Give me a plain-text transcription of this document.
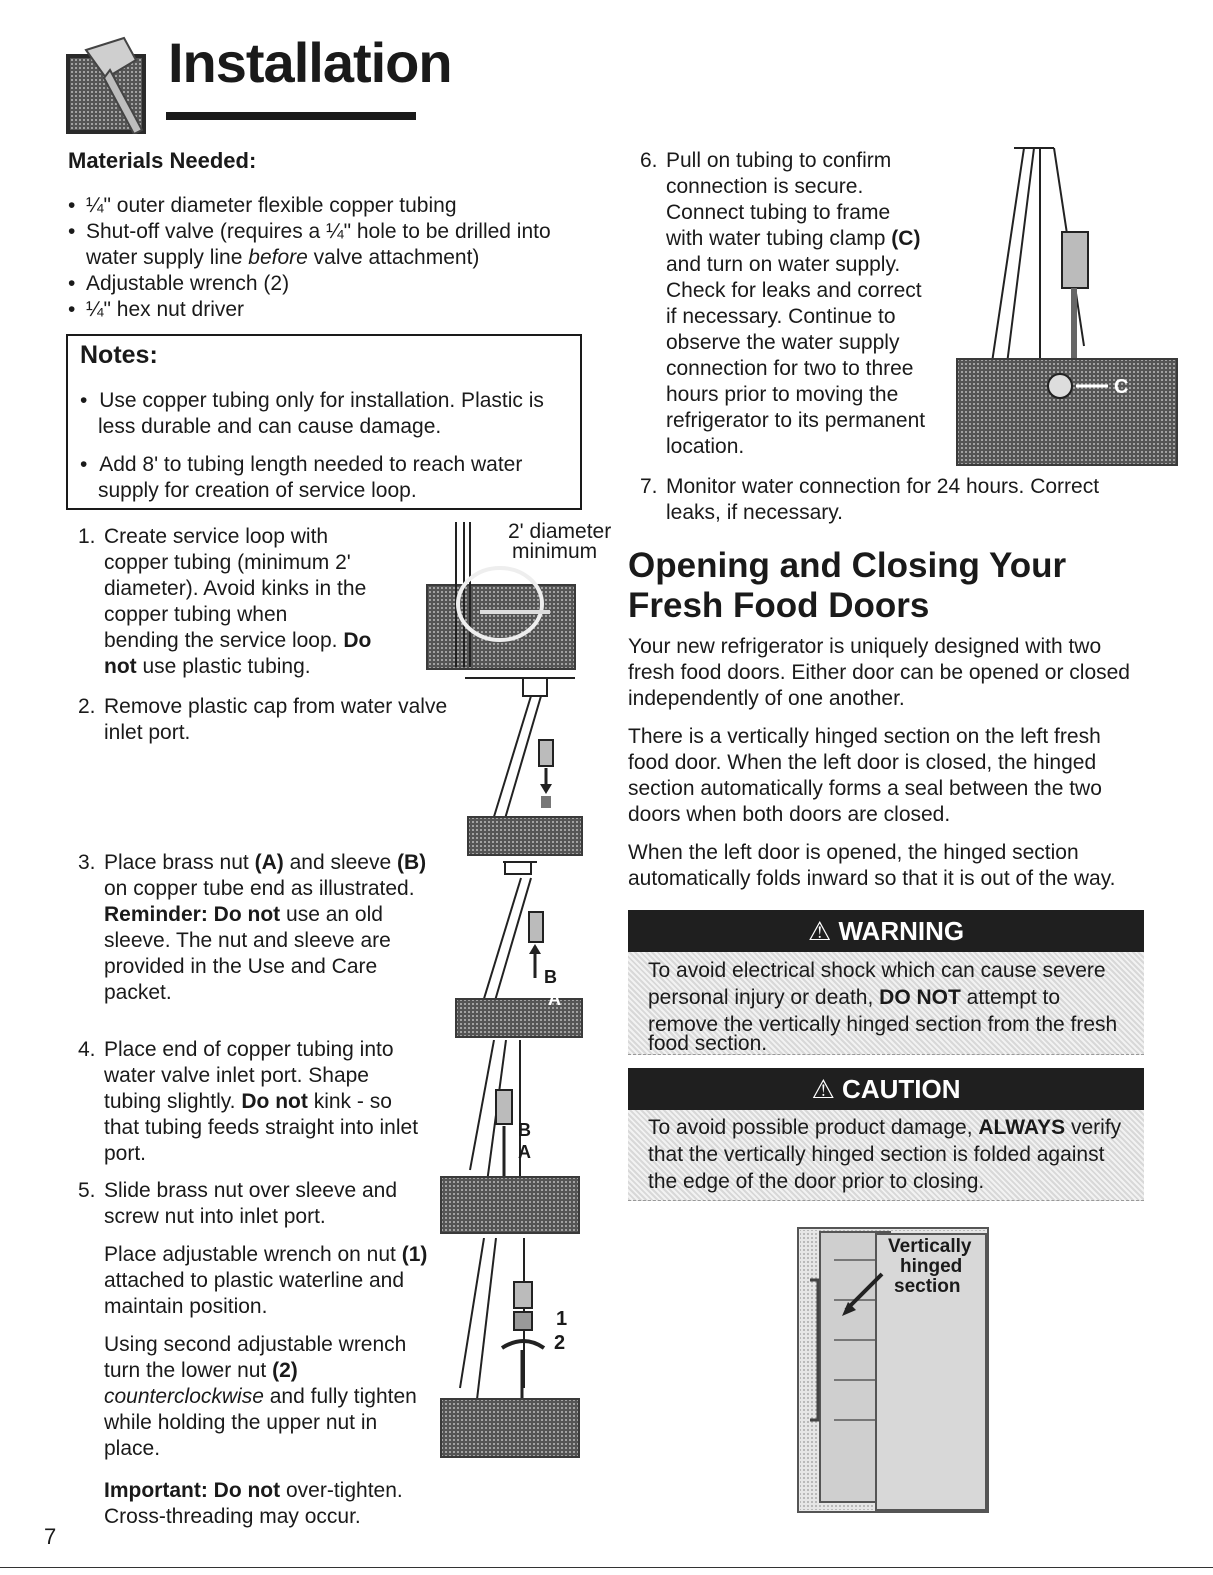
Installation
Materials Needed:
• ¼" outer diameter flexible copper tubing
• Shut-off valve (requires a ¼" hole to be drilled into
water supply line before valve attachment)
• Adjustable wrench (2)
• ¼" hex nut driver
Notes:
• Use copper tubing only for installation. Plastic is
less durable and can cause damage.
• Add 8' to tubing length needed to reach water
supply for creation of service loop.
1. Create service loop with
copper tubing (minimum 2'
diameter). Avoid kinks in the
copper tubing when
bending the service loop. Do
not use plastic tubing.
2' diameter
minimum
2. Remove plastic cap from water valve
inlet port.
3. Place brass nut (A) and sleeve (B)
on copper tube end as illustrated.
Reminder: Do not use an old
sleeve. The nut and sleeve are
provided in the Use and Care
packet.
B
A
4. Place end of copper tubing into
water valve inlet port. Shape
tubing slightly. Do not kink - so
that tubing feeds straight into inlet
port.
B
A
5. Slide brass nut over sleeve and
screw nut into inlet port.
Place adjustable wrench on nut (1)
attached to plastic waterline and
maintain position.
Using second adjustable wrench
turn the lower nut (2)
counterclockwise and fully tighten
while holding the upper nut in
place.
Important: Do not over-tighten.
Cross-threading may occur.
1
2
6. Pull on tubing to confirm
connection is secure.
Connect tubing to frame
with water tubing clamp (C)
and turn on water supply.
Check for leaks and correct
if necessary. Continue to
observe the water supply
connection for two to three
hours prior to moving the
refrigerator to its permanent
location.
C
7. Monitor water connection for 24 hours. Correct
leaks, if necessary.
Opening and Closing Your
Fresh Food Doors
Your new refrigerator is uniquely designed with two
fresh food doors. Either door can be opened or closed
independently of one another.
There is a vertically hinged section on the left fresh
food door. When the left door is closed, the hinged
section automatically forms a seal between the two
doors when both doors are closed.
When the left door is opened, the hinged section
automatically folds inward so that it is out of the way.
⚠ WARNING
To avoid electrical shock which can cause severe
personal injury or death, DO NOT attempt to
remove the vertically hinged section from the fresh
food section.
⚠ CAUTION
To avoid possible product damage, ALWAYS verify
that the vertically hinged section is folded against
the edge of the door prior to closing.
Vertically
hinged
section
7
